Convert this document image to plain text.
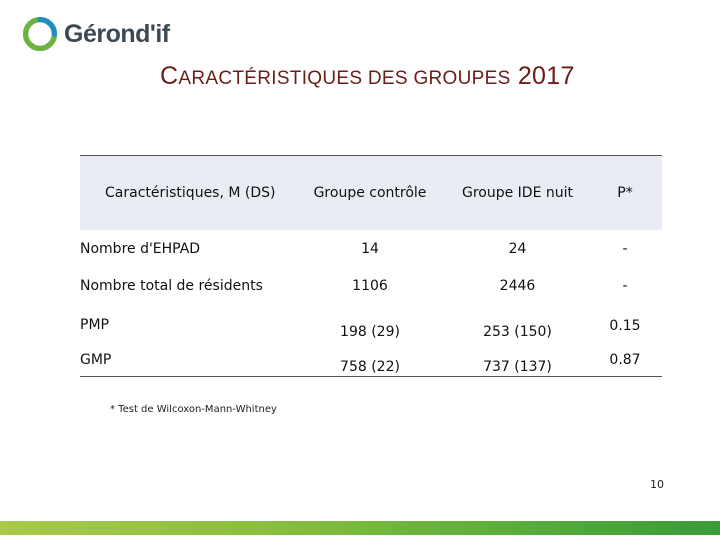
Gérond'if
CARACTÉRISTIQUES DES GROUPES 2017
Caractéristiques, M (DS)	Groupe contrôle	Groupe IDE nuit	P*
Nombre d'EHPAD	14	24	-
Nombre total de résidents	1106	2446	-
PMP	198 (29)	253 (150)	0.15
GMP	758 (22)	737 (137)	0.87
* Test de Wilcoxon-Mann-Whitney
10
